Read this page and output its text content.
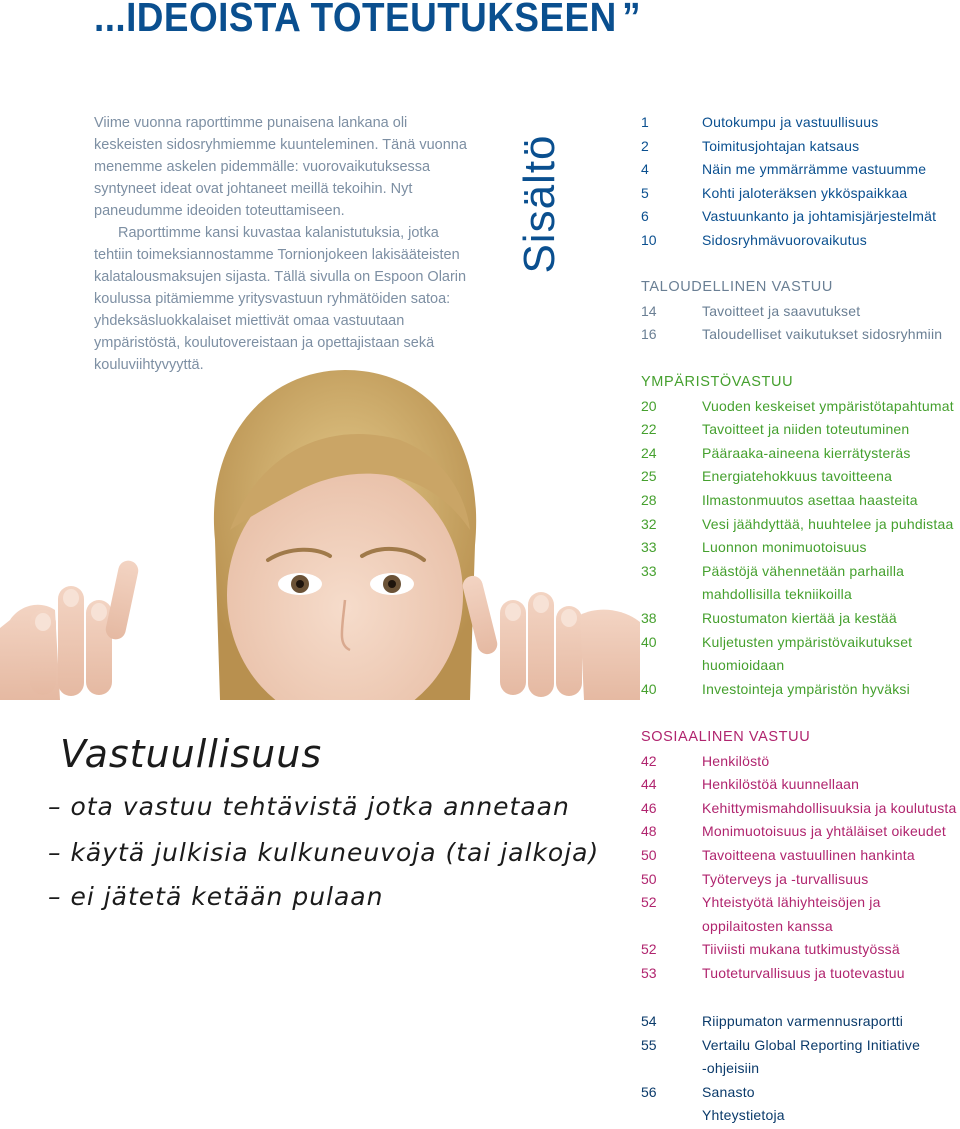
...IDEOISTA TOTEUTUKSEEN ”

Viime vuonna raporttimme punaisena lankana oli keskeisten sidosryhmiemme kuunteleminen. Tänä vuonna menemme askelen pidemmälle: vuorovaikutuksessa syntyneet ideat ovat johtaneet meillä tekoihin. Nyt paneudumme ideoiden toteuttamiseen.

Raporttimme kansi kuvastaa kalanistutuksia, jotka tehtiin toimeksiannostamme Tornionjokeen lakisääteisten kalatalousmaksujen sijasta. Tällä sivulla on Espoon Olarin koulussa pitämiemme yritysvastuun ryhmätöiden satoa: yhdeksäsluokkalaiset miettivät omaa vastuutaan ympäristöstä, koulutovereistaan ja opettajistaan sekä kouluviihtyvyyttä.

Sisältö
Vastuullisuus
– ota vastuu tehtävistä jotka annetaan
– käytä julkisia kulkuneuvoja (tai jalkoja)
– ei jätetä ketään pulaan
1	Outokumpu ja vastuullisuus
2	Toimitusjohtajan katsaus
4	Näin me ymmärrämme vastuumme
5	Kohti jaloteräksen ykköspaikkaa
6	Vastuunkanto ja johtamisjärjestelmät
10	Sidosryhmävuorovaikutus
TALOUDELLINEN VASTUU
14	Tavoitteet ja saavutukset
16	Taloudelliset vaikutukset sidosryhmiin
YMPÄRISTÖVASTUU
20	Vuoden keskeiset ympäristötapahtumat
22	Tavoitteet ja niiden toteutuminen
24	Pääraaka-aineena kierrätysteräs
25	Energiatehokkuus tavoitteena
28	Ilmastonmuutos asettaa haasteita
32	Vesi jäähdyttää, huuhtelee ja puhdistaa
33	Luonnon monimuotoisuus
33	Päästöjä vähennetään parhailla
mahdollisilla tekniikoilla
38	Ruostumaton kiertää ja kestää
40	Kuljetusten ympäristövaikutukset
huomioidaan
40	Investointeja ympäristön hyväksi
SOSIAALINEN VASTUU
42	Henkilöstö
44	Henkilöstöä kuunnellaan
46	Kehittymismahdollisuuksia ja koulutusta
48	Monimuotoisuus ja yhtäläiset oikeudet
50	Tavoitteena vastuullinen hankinta
50	Työterveys ja -turvallisuus
52	Yhteistyötä lähiyhteisöjen ja
oppilaitosten kanssa
52	Tiiviisti mukana tutkimustyössä
53	Tuoteturvallisuus ja tuotevastuu
54	Riippumaton varmennusraportti
55	Vertailu Global Reporting Initiative
-ohjeisiin
56	Sanasto
Yhteystietoja
